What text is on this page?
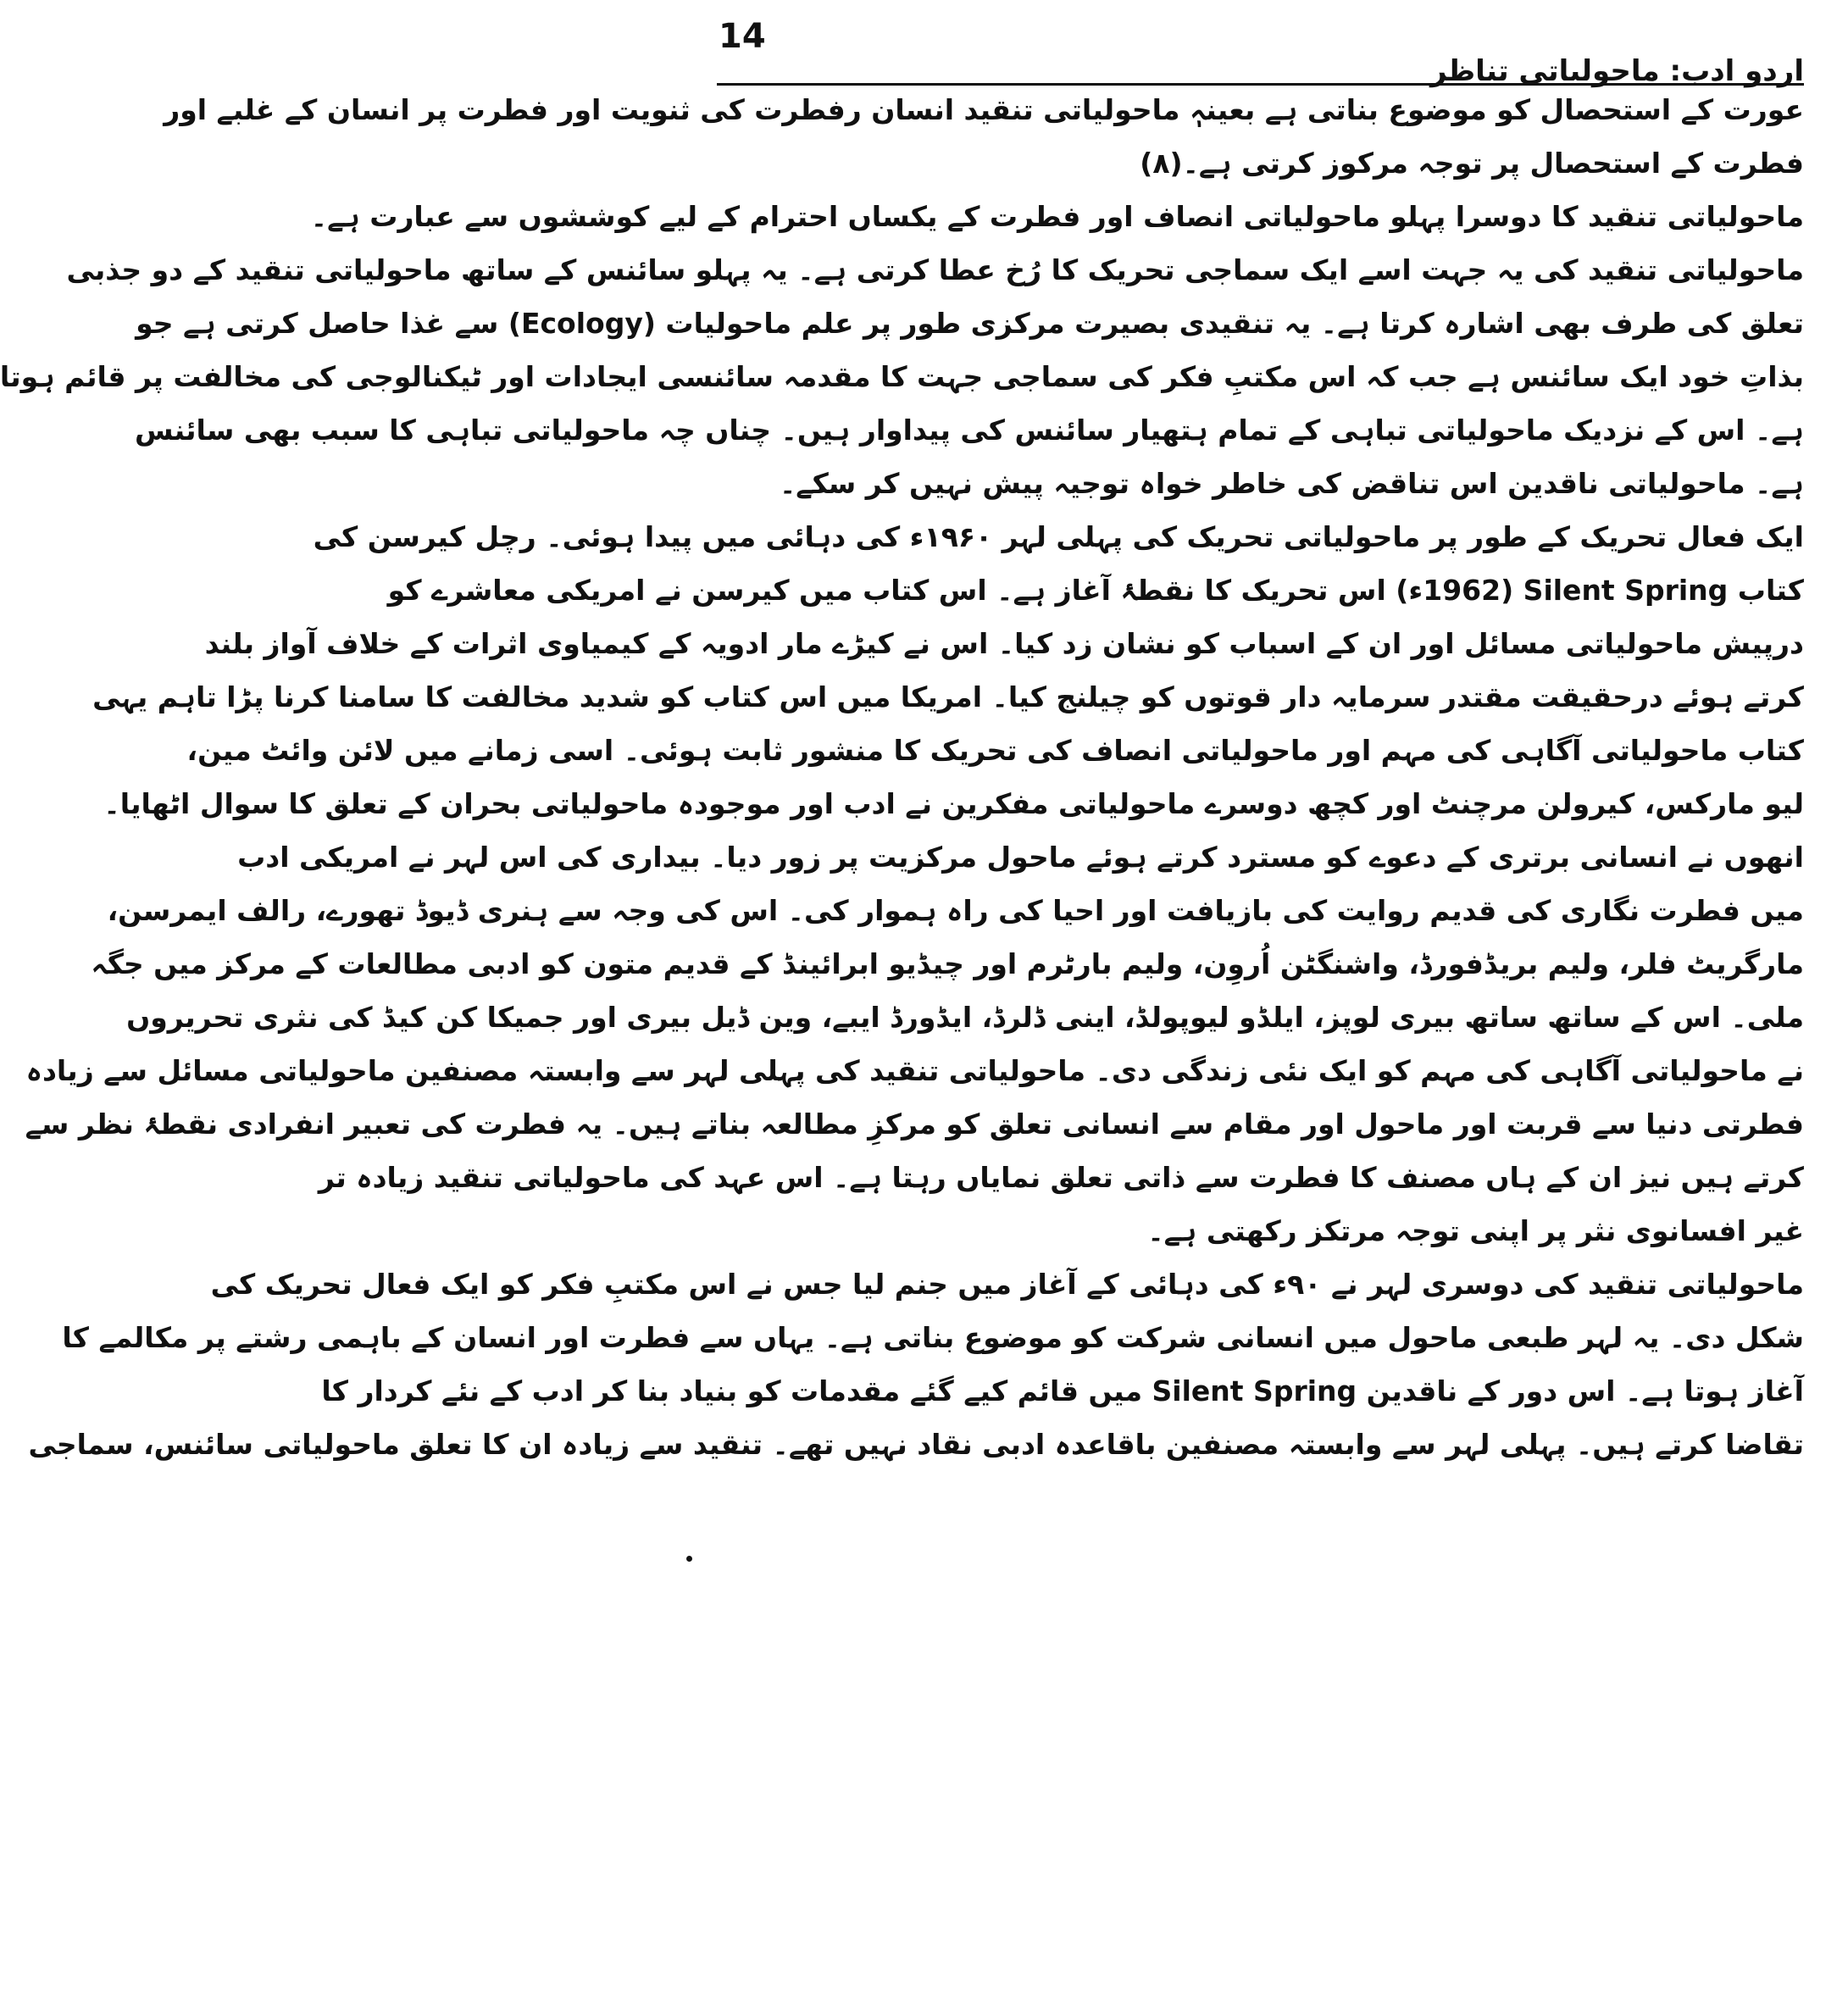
14
اردو ادب: ماحولیاتی تناظر
عورت کے استحصال کو موضوع بناتی ہے بعینہٖ ماحولیاتی تنقید انسان رفطرت کی ثنویت اور فطرت پر انسان کے غلبے اور
فطرت کے استحصال پر توجہ مرکوز کرتی ہے۔(۸)
ماحولیاتی تنقید کا دوسرا پہلو ماحولیاتی انصاف اور فطرت کے یکساں احترام کے لیے کوششوں سے عبارت ہے۔
ماحولیاتی تنقید کی یہ جہت اسے ایک سماجی تحریک کا رُخ عطا کرتی ہے۔ یہ پہلو سائنس کے ساتھ ماحولیاتی تنقید کے دو جذبی
تعلق کی طرف بھی اشارہ کرتا ہے۔ یہ تنقیدی بصیرت مرکزی طور پر علم ماحولیات (Ecology) سے غذا حاصل کرتی ہے جو
بذاتِ خود ایک سائنس ہے جب کہ اس مکتبِ فکر کی سماجی جہت کا مقدمہ سائنسی ایجادات اور ٹیکنالوجی کی مخالفت پر قائم ہوتا
ہے۔ اس کے نزدیک ماحولیاتی تباہی کے تمام ہتھیار سائنس کی پیداوار ہیں۔ چناں چہ ماحولیاتی تباہی کا سبب بھی سائنس
ہے۔ ماحولیاتی ناقدین اس تناقض کی خاطر خواہ توجیہ پیش نہیں کر سکے۔
ایک فعال تحریک کے طور پر ماحولیاتی تحریک کی پہلی لہر ۱۹۶۰ء کی دہائی میں پیدا ہوئی۔ رچل کیرسن کی
کتاب Silent Spring (1962ء) اس تحریک کا نقطۂ آغاز ہے۔ اس کتاب میں کیرسن نے امریکی معاشرے کو
درپیش ماحولیاتی مسائل اور ان کے اسباب کو نشان زد کیا۔ اس نے کیڑے مار ادویہ کے کیمیاوی اثرات کے خلاف آواز بلند
کرتے ہوئے درحقیقت مقتدر سرمایہ دار قوتوں کو چیلنج کیا۔ امریکا میں اس کتاب کو شدید مخالفت کا سامنا کرنا پڑا تاہم یہی
کتاب ماحولیاتی آگاہی کی مہم اور ماحولیاتی انصاف کی تحریک کا منشور ثابت ہوئی۔ اسی زمانے میں لائن وائٹ مین،
لیو مارکس، کیرولن مرچنٹ اور کچھ دوسرے ماحولیاتی مفکرین نے ادب اور موجودہ ماحولیاتی بحران کے تعلق کا سوال اٹھایا۔
انھوں نے انسانی برتری کے دعوے کو مسترد کرتے ہوئے ماحول مرکزیت پر زور دیا۔ بیداری کی اس لہر نے امریکی ادب
میں فطرت نگاری کی قدیم روایت کی بازیافت اور احیا کی راہ ہموار کی۔ اس کی وجہ سے ہنری ڈیوڈ تھورے، رالف ایمرسن،
مارگریٹ فلر، ولیم بریڈفورڈ، واشنگٹن اُروِن، ولیم بارٹرم اور چیڈیو ابرائینڈ کے قدیم متون کو ادبی مطالعات کے مرکز میں جگہ
ملی۔ اس کے ساتھ ساتھ بیری لوپز، ایلڈو لیوپولڈ، اینی ڈلرڈ، ایڈورڈ ایبے، وین ڈیل بیری اور جمیکا کن کیڈ کی نثری تحریروں
نے ماحولیاتی آگاہی کی مہم کو ایک نئی زندگی دی۔ ماحولیاتی تنقید کی پہلی لہر سے وابستہ مصنفین ماحولیاتی مسائل سے زیادہ
فطرتی دنیا سے قربت اور ماحول اور مقام سے انسانی تعلق کو مرکزِ مطالعہ بناتے ہیں۔ یہ فطرت کی تعبیر انفرادی نقطۂ نظر سے
کرتے ہیں نیز ان کے ہاں مصنف کا فطرت سے ذاتی تعلق نمایاں رہتا ہے۔ اس عہد کی ماحولیاتی تنقید زیادہ تر
غیر افسانوی نثر پر اپنی توجہ مرتکز رکھتی ہے۔
ماحولیاتی تنقید کی دوسری لہر نے ۹۰ء کی دہائی کے آغاز میں جنم لیا جس نے اس مکتبِ فکر کو ایک فعال تحریک کی
شکل دی۔ یہ لہر طبعی ماحول میں انسانی شرکت کو موضوع بناتی ہے۔ یہاں سے فطرت اور انسان کے باہمی رشتے پر مکالمے کا
آغاز ہوتا ہے۔ اس دور کے ناقدین Silent Spring میں قائم کیے گئے مقدمات کو بنیاد بنا کر ادب کے نئے کردار کا
تقاضا کرتے ہیں۔ پہلی لہر سے وابستہ مصنفین باقاعدہ ادبی نقاد نہیں تھے۔ تنقید سے زیادہ ان کا تعلق ماحولیاتی سائنس، سماجی
